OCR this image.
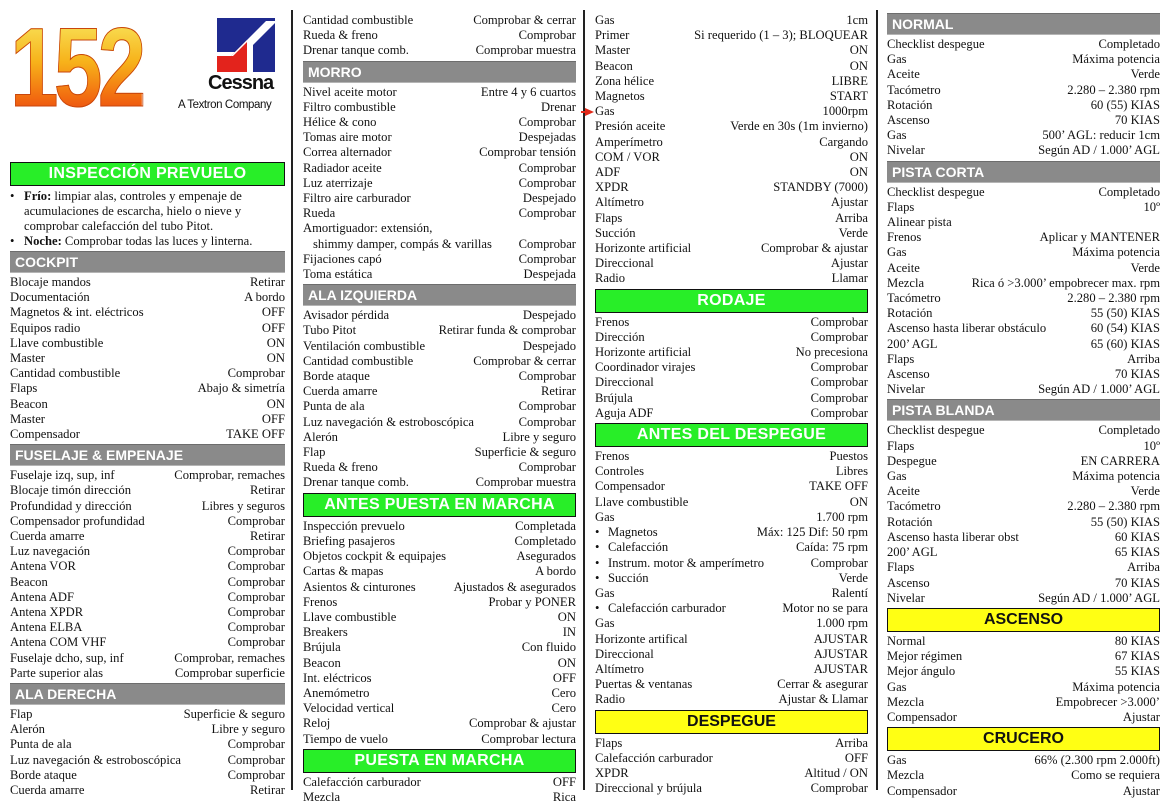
152	Cessna
A Textron Company
INSPECCIÓN PREVUELO
• Frío: limpiar alas, controles y empenaje de acumulaciones de escarcha, hielo o nieve y comprobar calefacción del tubo Pitot.
• Noche: Comprobar todas las luces y linterna.
COCKPIT
Blocaje mandos	Retirar
Documentación	A bordo
Magnetos & int. eléctricos	OFF
Equipos radio	OFF
Llave combustible	ON
Master	ON
Cantidad combustible	Comprobar
Flaps	Abajo & simetría
Beacon	ON
Master	OFF
Compensador	TAKE OFF
FUSELAJE & EMPENAJE
Fuselaje izq, sup, inf	Comprobar, remaches
Blocaje timón dirección	Retirar
Profundidad y dirección	Libres y seguros
Compensador profundidad	Comprobar
Cuerda amarre	Retirar
Luz navegación	Comprobar
Antena VOR	Comprobar
Beacon	Comprobar
Antena ADF	Comprobar
Antena XPDR	Comprobar
Antena ELBA	Comprobar
Antena COM VHF	Comprobar
Fuselaje dcho, sup, inf	Comprobar, remaches
Parte superior alas	Comprobar superficie
ALA DERECHA
Flap	Superficie & seguro
Alerón	Libre y seguro
Punta de ala	Comprobar
Luz navegación & estroboscópica	Comprobar
Borde ataque	Comprobar
Cuerda amarre	Retirar
Cantidad combustible	Comprobar & cerrar
Rueda & freno	Comprobar
Drenar tanque comb.	Comprobar muestra
MORRO
Nivel aceite motor	Entre 4 y 6 cuartos
Filtro combustible	Drenar
Hélice & cono	Comprobar
Tomas aire motor	Despejadas
Correa alternador	Comprobar tensión
Radiador aceite	Comprobar
Luz aterrizaje	Comprobar
Filtro aire carburador	Despejado
Rueda	Comprobar
Amortiguador: extensión,
shimmy damper, compás & varillas Comprobar
Fijaciones capó	Comprobar
Toma estática	Despejada
ALA IZQUIERDA
Avisador pérdida	Despejado
Tubo Pitot	Retirar funda & comprobar
Ventilación combustible	Despejado
Cantidad combustible	Comprobar & cerrar
Borde ataque	Comprobar
Cuerda amarre	Retirar
Punta de ala	Comprobar
Luz navegación & estroboscópica	Comprobar
Alerón	Libre y seguro
Flap	Superficie & seguro
Rueda & freno	Comprobar
Drenar tanque comb.	Comprobar muestra
ANTES PUESTA EN MARCHA
Inspección prevuelo	Completada
Briefing pasajeros	Completado
Objetos cockpit & equipajes	Asegurados
Cartas & mapas	A bordo
Asientos & cinturones	Ajustados & asegurados
Frenos	Probar y PONER
Llave combustible	ON
Breakers	IN
Brújula	Con fluido
Beacon	ON
Int. eléctricos	OFF
Anemómetro	Cero
Velocidad vertical	Cero
Reloj	Comprobar & ajustar
Tiempo de vuelo	Comprobar lectura
PUESTA EN MARCHA
Calefacción carburador	OFF
Mezcla	Rica
Gas	1cm
Primer	Si requerido (1 – 3); BLOQUEAR
Master	ON
Beacon	ON
Zona hélice	LIBRE
Magnetos	START
Gas	1000rpm
Presión aceite	Verde en 30s (1m invierno)
Amperímetro	Cargando
COM / VOR	ON
ADF	ON
XPDR	STANDBY (7000)
Altímetro	Ajustar
Flaps	Arriba
Succión	Verde
Horizonte artificial	Comprobar & ajustar
Direccional	Ajustar
Radio	Llamar
RODAJE
Frenos	Comprobar
Dirección	Comprobar
Horizonte artificial	No precesiona
Coordinador virajes	Comprobar
Direccional	Comprobar
Brújula	Comprobar
Aguja ADF	Comprobar
ANTES DEL DESPEGUE
Frenos	Puestos
Controles	Libres
Compensador	TAKE OFF
Llave combustible	ON
Gas	1.700 rpm
• Magnetos	Máx: 125 Dif: 50 rpm
• Calefacción	Caída: 75 rpm
• Instrum. motor & amperímetro	Comprobar
• Succión	Verde
Gas	Ralentí
• Calefacción carburador	Motor no se para
Gas	1.000 rpm
Horizonte artifical	AJUSTAR
Direccional	AJUSTAR
Altímetro	AJUSTAR
Puertas & ventanas	Cerrar & asegurar
Radio	Ajustar & Llamar
DESPEGUE
Flaps	Arriba
Calefacción carburador	OFF
XPDR	Altitud / ON
Direccional y brújula	Comprobar
NORMAL
Checklist despegue	Completado
Gas	Máxima potencia
Aceite	Verde
Tacómetro	2.280 – 2.380 rpm
Rotación	60 (55) KIAS
Ascenso	70 KIAS
Gas	500’ AGL: reducir 1cm
Nivelar	Según AD / 1.000’ AGL
PISTA CORTA
Checklist despegue	Completado
Flaps	10º
Alinear pista
Frenos	Aplicar y MANTENER
Gas	Máxima potencia
Aceite	Verde
Mezcla	Rica ó >3.000’ empobrecer max. rpm
Tacómetro	2.280 – 2.380 rpm
Rotación	55 (50) KIAS
Ascenso hasta liberar obstáculo	60 (54) KIAS
200’ AGL	65 (60) KIAS
Flaps	Arriba
Ascenso	70 KIAS
Nivelar	Según AD / 1.000’ AGL
PISTA BLANDA
Checklist despegue	Completado
Flaps	10º
Despegue	EN CARRERA
Gas	Máxima potencia
Aceite	Verde
Tacómetro	2.280 – 2.380 rpm
Rotación	55 (50) KIAS
Ascenso hasta liberar obst	60 KIAS
200’ AGL	65 KIAS
Flaps	Arriba
Ascenso	70 KIAS
Nivelar	Según AD / 1.000’ AGL
ASCENSO
Normal	80 KIAS
Mejor régimen	67 KIAS
Mejor ángulo	55 KIAS
Gas	Máxima potencia
Mezcla	Empobrecer >3.000’
Compensador	Ajustar
CRUCERO
Gas	66% (2.300 rpm 2.000ft)
Mezcla	Como se requiera
Compensador	Ajustar
